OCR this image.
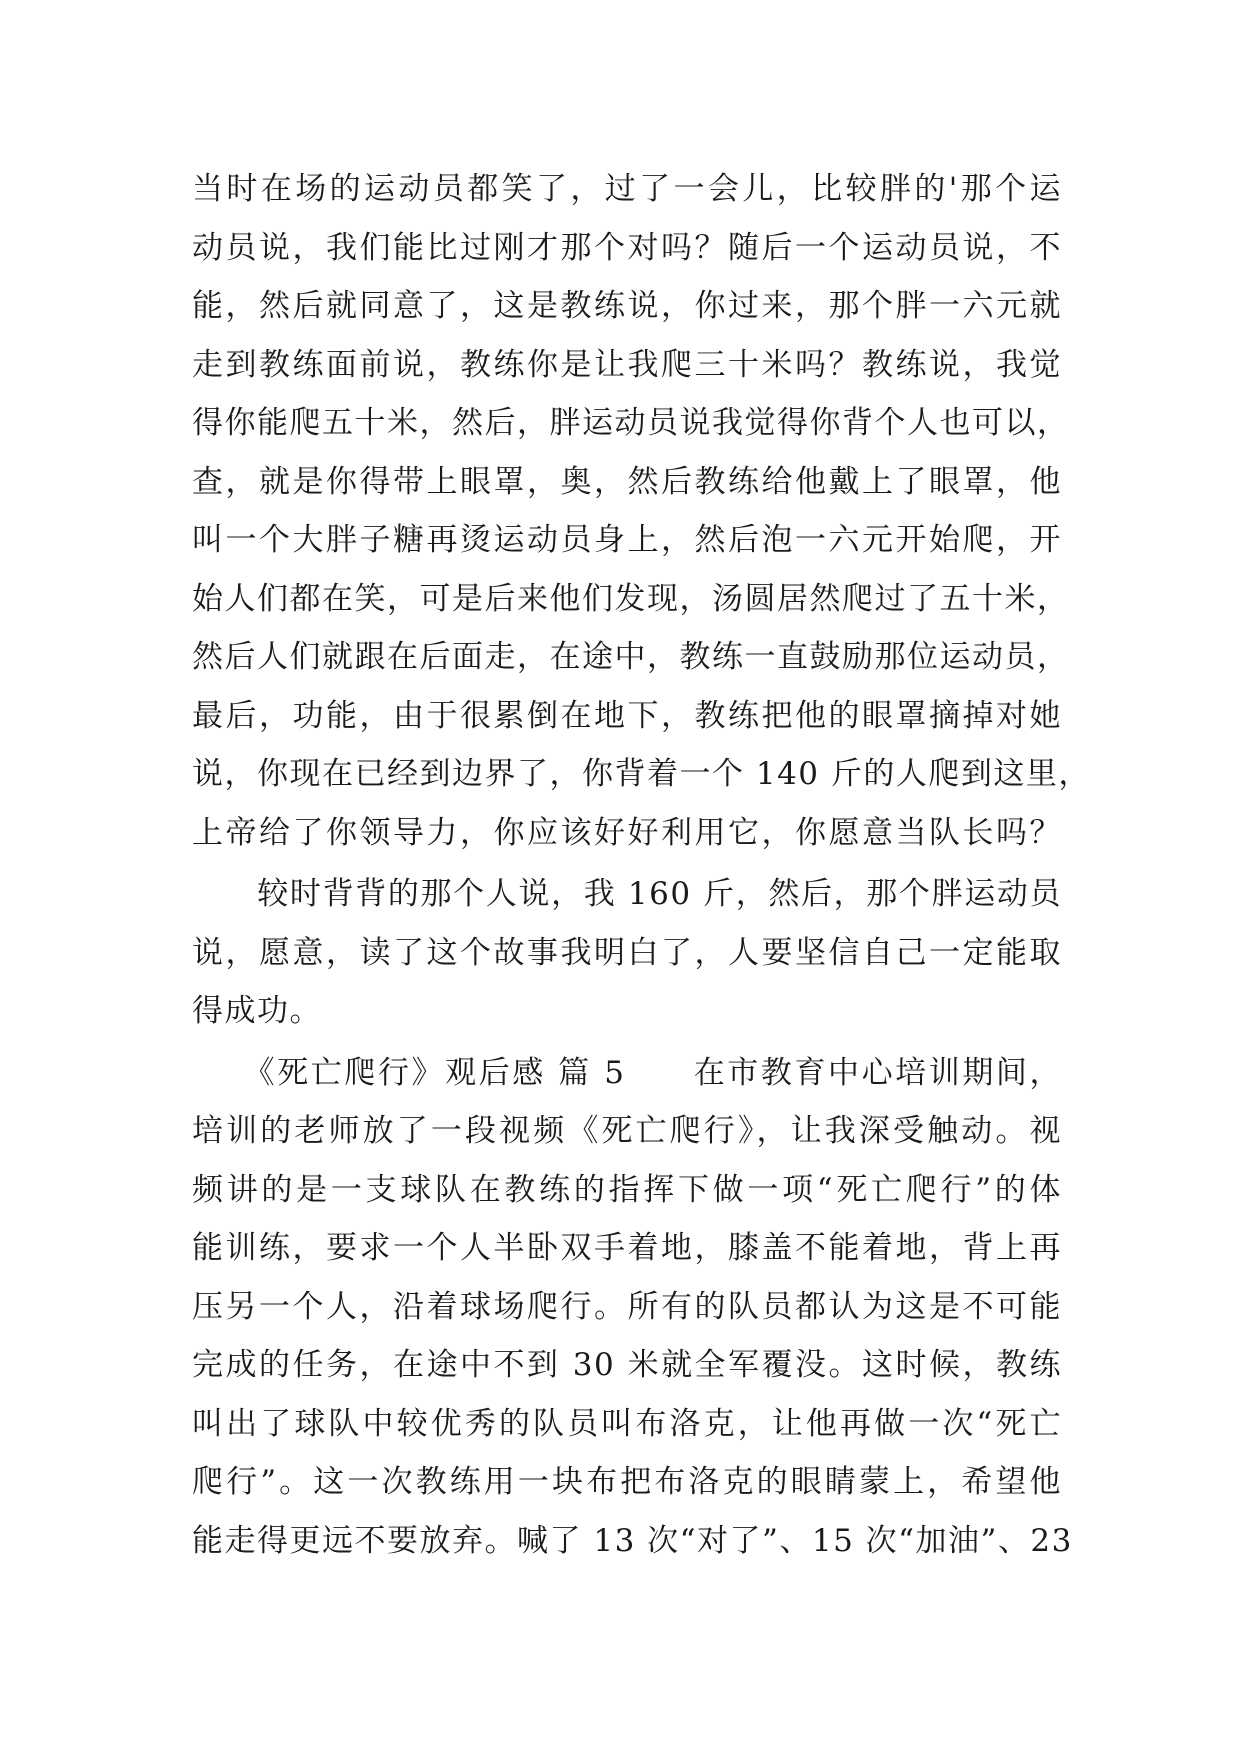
当时在场的运动员都笑了，过了一会儿，比较胖的'那个运
动员说，我们能比过刚才那个对吗？随后一个运动员说，不
能，然后就同意了，这是教练说，你过来，那个胖一六元就
走到教练面前说，教练你是让我爬三十米吗？教练说，我觉
得你能爬五十米，然后，胖运动员说我觉得你背个人也可以，
查，就是你得带上眼罩，奥，然后教练给他戴上了眼罩，他
叫一个大胖子糖再烫运动员身上，然后泡一六元开始爬，开
始人们都在笑，可是后来他们发现，汤圆居然爬过了五十米，
然后人们就跟在后面走，在途中，教练一直鼓励那位运动员，
最后，功能，由于很累倒在地下，教练把他的眼罩摘掉对她
说，你现在已经到边界了，你背着一个 140 斤的人爬到这里，
上帝给了你领导力，你应该好好利用它，你愿意当队长吗？
　　较时背背的那个人说，我 160 斤，然后，那个胖运动员
说，愿意，读了这个故事我明白了，人要坚信自己一定能取
得成功。
　　《死亡爬行》观后感 篇 5　　在市教育中心培训期间，
培训的老师放了一段视频《死亡爬行》，让我深受触动。视
频讲的是一支球队在教练的指挥下做一项“死亡爬行”的体
能训练，要求一个人半卧双手着地，膝盖不能着地，背上再
压另一个人，沿着球场爬行。所有的队员都认为这是不可能
完成的任务，在途中不到 30 米就全军覆没。这时候，教练
叫出了球队中较优秀的队员叫布洛克，让他再做一次“死亡
爬行”。这一次教练用一块布把布洛克的眼睛蒙上，希望他
能走得更远不要放弃。喊了 13 次“对了”、15 次“加油”、23
